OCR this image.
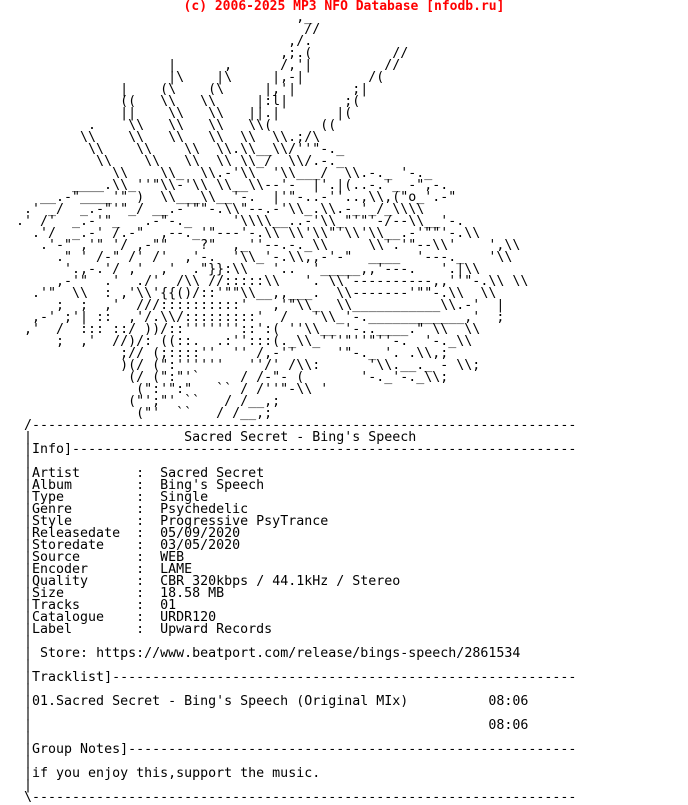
(c) 2006-2025 MP3 NFO Database [nfodb.ru]
,_
//
,/.
,;.(          //
|      ,      /,'|         //
|\    |\     |,-|        /(
|    (\    (\     |,'|       ;|
((   \\   \\     |:l|       ;(
||    \\   \\   ||.|       |(
.    \\   \\   \\   \\(      ((
\\    \\   \\   \\  \\  \\.;/\
\\    \\    \\  \\.\\__\\/''"-._
\\    \\   \\  \\ \\_/  \\/.-._
\\    \\_  \\.-'\\  '\\___/  \\.-._ '-._
____.\\_''"\\-'\\ \\__\\--'-  |'.|(..-.'_ -",-.
__.-"____'" )  \\___\\__'-.  |'"-..-''..,\\,("o_'.-"
.' _/  _.-"'"_/ __.-'""-.\\"--.-'\\_.\\.-_'_/_\\\\
.' /'  _.-'"_   .-"-._     '\\\\__..-'\\_"'"'-/--\\__'-.
.'/  _.-' /.-"  ,--._'"---'-.\\ \\'\\"'\\'\\__.-'""'-.\\
.'-" ,'" '/ ,-""    ?"  ,_''--.-._\\     \\'.'"--\\'    ',\\
." ' /-" /' /'  ,'-.  '\\_'-.\\,,-'-"  ____  '---._   '\\
'.,-.'/ ,'  ,'  ."}}:\\   '..  '_____,,'---.   '.|\\
,-'"  .'  ./'  /\\ //:::::\\   '. \\'----------,,''"-.\\ \\
.'"  \\  : ,'\\'{{()/::'""\\__,,___.  \\-------'""-.\\  \\
;  ;  ,'  ///::::::::::'   ,'"\\_  \\___________\\.-'  |
,-' ;'| ::  ,'/.\\/:::::::::'  /   '\\_'-.____________,'  ;
,'  /  ::: ::/ ))/::'''''''::':( ''\\__ '-..____." \\  \\
;  ,'  //)/: ((::.  .:'':::(._\\_'''"''"''-.  '-._\\
;// (;::::''  '' /,-''     '"-._ '. .\\,;
)(/ (":''''''   ''/' /\\:      '\\.__._ - \\;
(/ (":"'`     / /-"- (       '-._'-._\\;
(":'":"   `` / /''"-\\ '
("';"' ``   / /__,;
("'  ``   / /__,;
/--------------------------------------------------------------------
|                   Sacred Secret - Bing's Speech
|Info]---------------------------------------------------------------
|
|Artist       :  Sacred Secret
|Album        :  Bing's Speech
|Type         :  Single
|Genre        :  Psychedelic
|Style        :  Progressive PsyTrance
|Releasedate  :  05/09/2020
|Storedate    :  03/05/2020
|Source       :  WEB
|Encoder      :  LAME
|Quality      :  CBR 320kbps / 44.1kHz / Stereo
|Size         :  18.58 MB
|Tracks       :  01
|Catalogue    :  URDR120
|Label        :  Upward Records
|
| Store: https://www.beatport.com/release/bings-speech/2861534
|
|Tracklist]----------------------------------------------------------
|
|01.Sacred Secret - Bing's Speech (Original MIx)	08:06
|
|                                                         08:06
|
|Group Notes]--------------------------------------------------------
|
|if you enjoy this,support the music.
|
\--------------------------------------------------------------------
